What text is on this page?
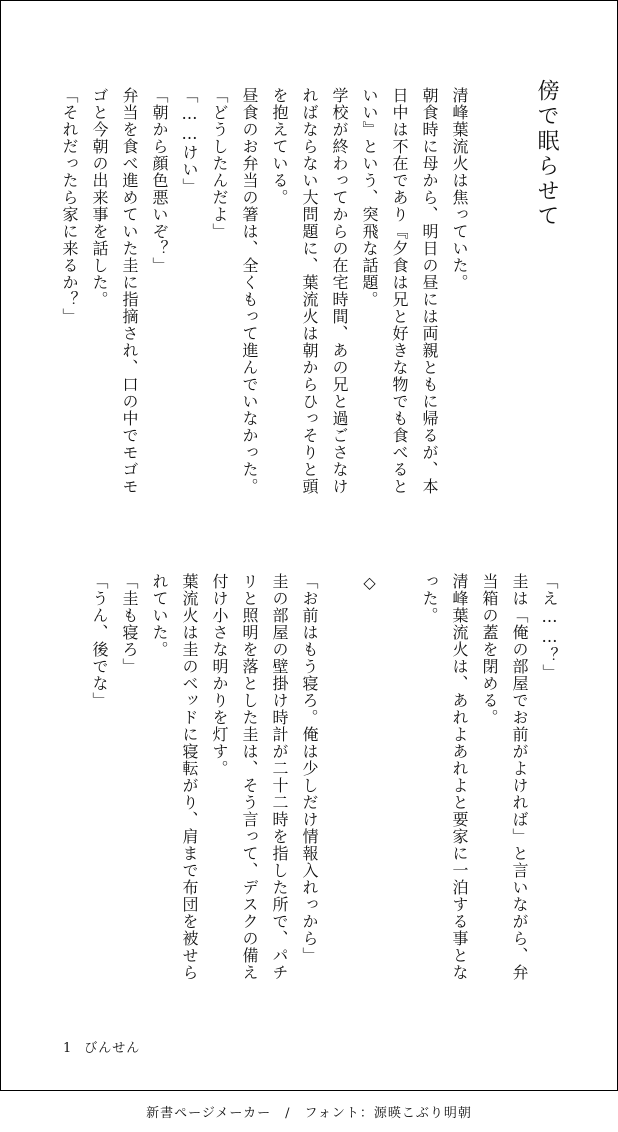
傍で眠らせて
清峰葉流火は焦っていた。
朝食時に母から、明日の昼には両親ともに帰るが、本
日中は不在であり『夕食は兄と好きな物でも食べると
いい』という、突飛な話題。
学校が終わってからの在宅時間、あの兄と過ごさなけ
ればならない大問題に、葉流火は朝からひっそりと頭
を抱えている。
昼食のお弁当の箸は、全くもって進んでいなかった。
「どうしたんだよ」
「……けい」
「朝から顔色悪いぞ？」
弁当を食べ進めていた圭に指摘され、口の中でモゴモ
ゴと今朝の出来事を話した。
「それだったら家に来るか？」
「え……？」
圭は「俺の部屋でお前がよければ」と言いながら、弁
当箱の蓋を閉める。
清峰葉流火は、あれよあれよと要家に一泊する事とな
った。
◇
「お前はもう寝ろ。俺は少しだけ情報入れっから」
圭の部屋の壁掛け時計が二十二時を指した所で、パチ
リと照明を落とした圭は、そう言って、デスクの備え
付け小さな明かりを灯す。
葉流火は圭のベッドに寝転がり、肩まで布団を被せら
れていた。
「圭も寝ろ」
「うん、後でな」
1 びんせん
新書ページメーカー　/　フォント：源暎こぶり明朝
